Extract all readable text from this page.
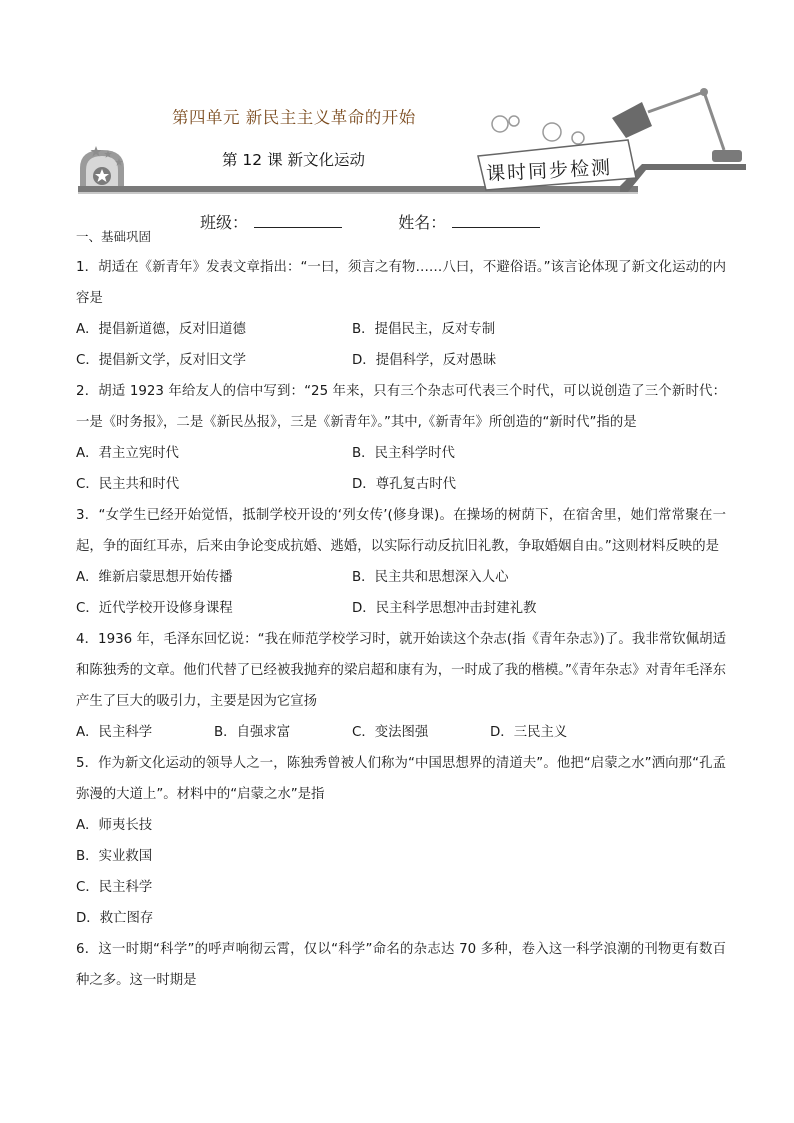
第四单元 新民主主义革命的开始
第 12 课 新文化运动	课时同步检测
班级：	姓名：
一、基础巩固

1．胡适在《新青年》发表文章指出：“一曰，须言之有物……八曰，不避俗语。”该言论体现了新文化运动的内容是

A．提倡新道德，反对旧道德	B．提倡民主，反对专制
C．提倡新文学，反对旧文学	D．提倡科学，反对愚昧

2．胡适 1923 年给友人的信中写到：“25 年来，只有三个杂志可代表三个时代，可以说创造了三个新时代：一是《时务报》，二是《新民丛报》，三是《新青年》。”其中,《新青年》所创造的“新时代”指的是

A．君主立宪时代	B．民主科学时代
C．民主共和时代	D．尊孔复古时代

3．“女学生已经开始觉悟，抵制学校开设的‘列女传’(修身课)。在操场的树荫下，在宿舍里，她们常常聚在一起，争的面红耳赤，后来由争论变成抗婚、逃婚，以实际行动反抗旧礼教，争取婚姻自由。”这则材料反映的是

A．维新启蒙思想开始传播	B．民主共和思想深入人心
C．近代学校开设修身课程	D．民主科学思想冲击封建礼教

4．1936 年，毛泽东回忆说：“我在师范学校学习时，就开始读这个杂志(指《青年杂志》)了。我非常钦佩胡适和陈独秀的文章。他们代替了已经被我抛弃的梁启超和康有为，一时成了我的楷模。”《青年杂志》对青年毛泽东产生了巨大的吸引力，主要是因为它宣扬

A．民主科学	B．自强求富	C．变法图强	D．三民主义

5．作为新文化运动的领导人之一，陈独秀曾被人们称为“中国思想界的清道夫”。他把“启蒙之水”洒向那“孔孟弥漫的大道上”。材料中的“启蒙之水”是指

A．师夷长技
B．实业救国
C．民主科学
D．救亡图存

6．这一时期“科学”的呼声响彻云霄，仅以“科学”命名的杂志达 70 多种，卷入这一科学浪潮的刊物更有数百种之多。这一时期是
